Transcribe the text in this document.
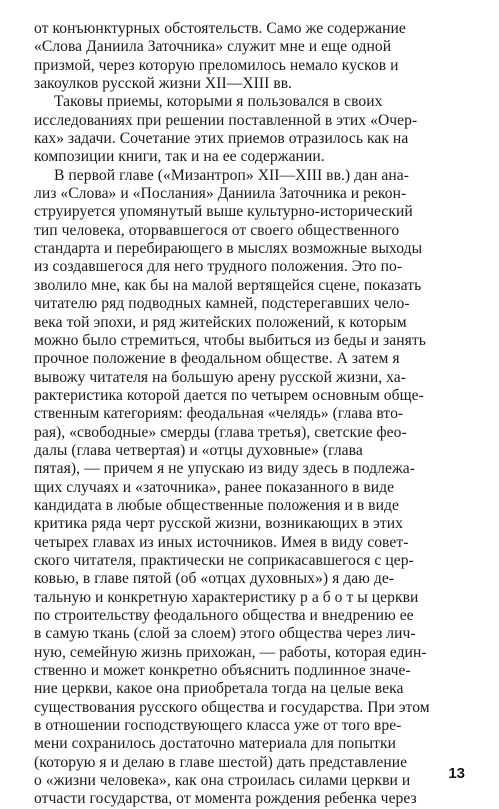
от конъюнктурных обстоятельств. Само же содержание
«Слова Даниила Заточника» служит мне и еще одной
призмой, через которую преломилось немало кусков и
закоулков русской жизни XII—XIII вв.
Таковы приемы, которыми я пользовался в своих
исследованиях при решении поставленной в этих «Очер-
ках» задачи. Сочетание этих приемов отразилось как на
композиции книги, так и на ее содержании.
В первой главе («Мизантроп» XII—XIII вв.) дан ана-
лиз «Слова» и «Послания» Даниила Заточника и рекон-
струируется упомянутый выше культурно-исторический
тип человека, оторвавшегося от своего общественного
стандарта и перебирающего в мыслях возможные выходы
из создавшегося для него трудного положения. Это по-
зволило мне, как бы на малой вертящейся сцене, показать
читателю ряд подводных камней, подстерегавших чело-
века той эпохи, и ряд житейских положений, к которым
можно было стремиться, чтобы выбиться из беды и занять
прочное положение в феодальном обществе. А затем я
вывожу читателя на большую арену русской жизни, ха-
рактеристика которой дается по четырем основным обще-
ственным категориям: феодальная «челядь» (глава вто-
рая), «свободные» смерды (глава третья), светские феo-
далы (глава четвертая) и «отцы духовные» (глава
пятая), — причем я не упускаю из виду здесь в подлежа-
щих случаях и «заточника», ранее показанного в виде
кандидата в любые общественные положения и в виде
критика ряда черт русской жизни, возникающих в этих
четырех главах из иных источников. Имея в виду совет-
ского читателя, практически не соприкасавшегося с цер-
ковью, в главе пятой (об «отцах духовных») я даю де-
тальную и конкретную характеристику р а б о т ы церкви
по строительству феодального общества и внедрению ее
в самую ткань (слой за слоем) этого общества через лич-
ную, семейную жизнь прихожан, — работы, которая един-
ственно и может конкретно объяснить подлинное значе-
ние церкви, какое она приобретала тогда на целые века
существования русского общества и государства. При этом
в отношении господствующего класса уже от того вре-
мени сохранилось достаточно материала для попытки
(которую я и делаю в главе шестой) дать представление
о «жизни человека», как она строилась силами церкви и
отчасти государства, от момента рождения ребенка через
13
